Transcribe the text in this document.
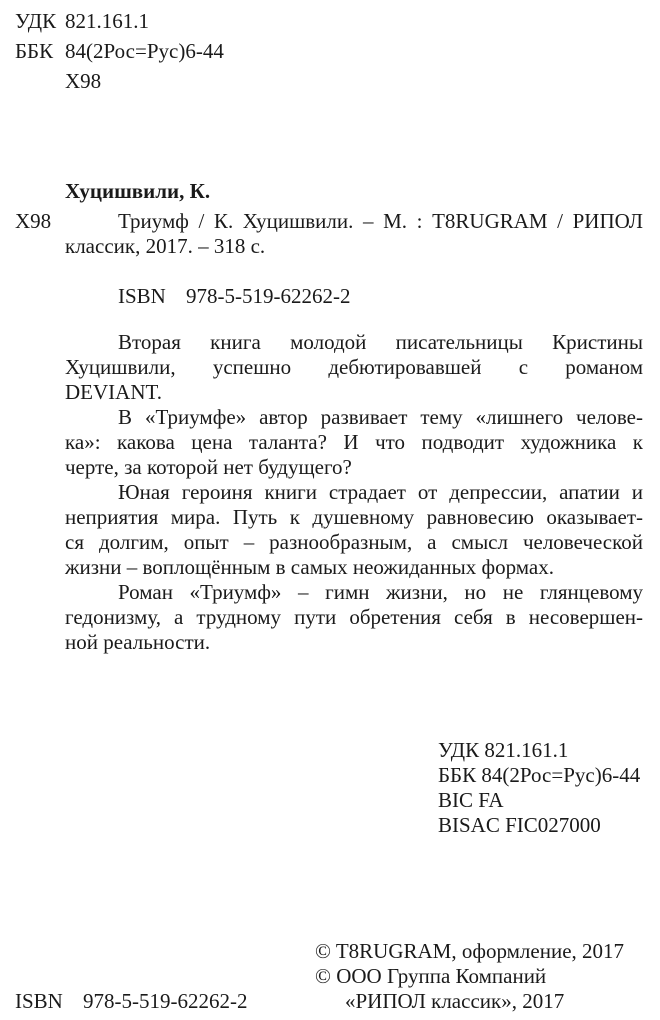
УДК 821.161.1
ББК 84(2Рос=Рус)6-44
Х98
Хуцишвили, К.
Х98	Триумф / К. Хуцишвили. – М. : T8RUGRAM / РИПОЛ
классик, 2017. – 318 с.
ISBN 978-5-519-62262-2
Вторая книга молодой писательницы Кристины
Хуцишвили, успешно дебютировавшей с романом
DEVIANT.
В «Триумфе» автор развивает тему «лишнего челове-
ка»: какова цена таланта? И что подводит художника к
черте, за которой нет будущего?
Юная героиня книги страдает от депрессии, апатии и
неприятия мира. Путь к душевному равновесию оказывает-
ся долгим, опыт – разнообразным, а смысл человеческой
жизни – воплощённым в самых неожиданных формах.
Роман «Триумф» – гимн жизни, но не глянцевому
гедонизму, а трудному пути обретения себя в несовершен-
ной реальности.
УДК 821.161.1
ББК 84(2Рос=Рус)6-44
BIC FA
BISAC FIC027000
© T8RUGRAM, оформление, 2017
© ООО Группа Компаний
«РИПОЛ классик», 2017
ISBN 978-5-519-62262-2
